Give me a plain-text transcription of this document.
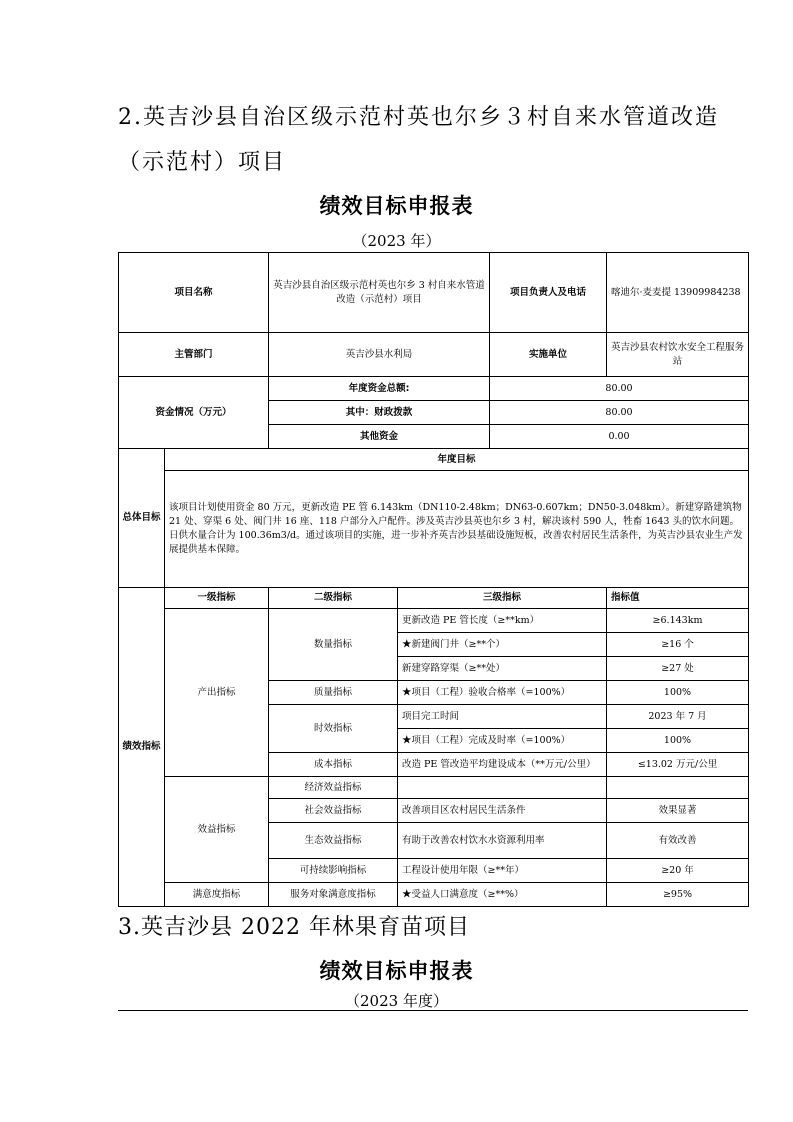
2.英吉沙县自治区级示范村英也尔乡３村自来水管道改造
（示范村）项目
绩效目标申报表
（2023 年）
项目名称		英吉沙县自治区级示范村英也尔乡 3 村自来水管道改造（示范村）项目		项目负责人及电话	喀迪尔·麦麦提 13909984238
主管部门		英吉沙县水利局		实施单位	英吉沙县农村饮水安全工程服务站
资金情况（万元）		年度资金总额:		80.00	
		其中：财政拨款		80.00	
		其他资金		0.00	
总体目标	年度目标				
	该项目计划使用资金 80 万元，更新改造 PE 管 6.143km（DN110-2.48km；DN63-0.607km；DN50-3.048km）。新建穿路建筑物 21 处、穿渠 6 处、阀门井 16 座、118 户部分入户配件。涉及英吉沙县英也尔乡 3 村，解决该村 590 人，牲畜 1643 头的饮水问题。日供水量合计为 100.36m3/d。通过该项目的实施，进一步补齐英吉沙县基础设施短板，改善农村居民生活条件，为英吉沙县农业生产发展提供基本保障。				
绩效指标	一级指标	二级指标	三级指标		指标值
	产出指标	数量指标	更新改造 PE 管长度（≥**km）		≥6.143km
			★新建阀门井（≥**个）		≥16 个
			新建穿路穿渠（≥**处）		≥27 处
		质量指标	★项目（工程）验收合格率（=100%）		100%
		时效指标	项目完工时间		2023 年 7 月
			★项目（工程）完成及时率（=100%）		100%
		成本指标	改造 PE 管改造平均建设成本（**万元/公里）		≤13.02 万元/公里
	效益指标	经济效益指标			
		社会效益指标	改善项目区农村居民生活条件		效果显著
		生态效益指标	有助于改善农村饮水水资源利用率		有效改善
		可持续影响指标	工程设计使用年限（≥**年）		≥20 年
	满意度指标	服务对象满意度指标	★受益人口满意度（≥**%）		≥95%
3.英吉沙县 2022 年林果育苗项目
绩效目标申报表
（2023 年度）
